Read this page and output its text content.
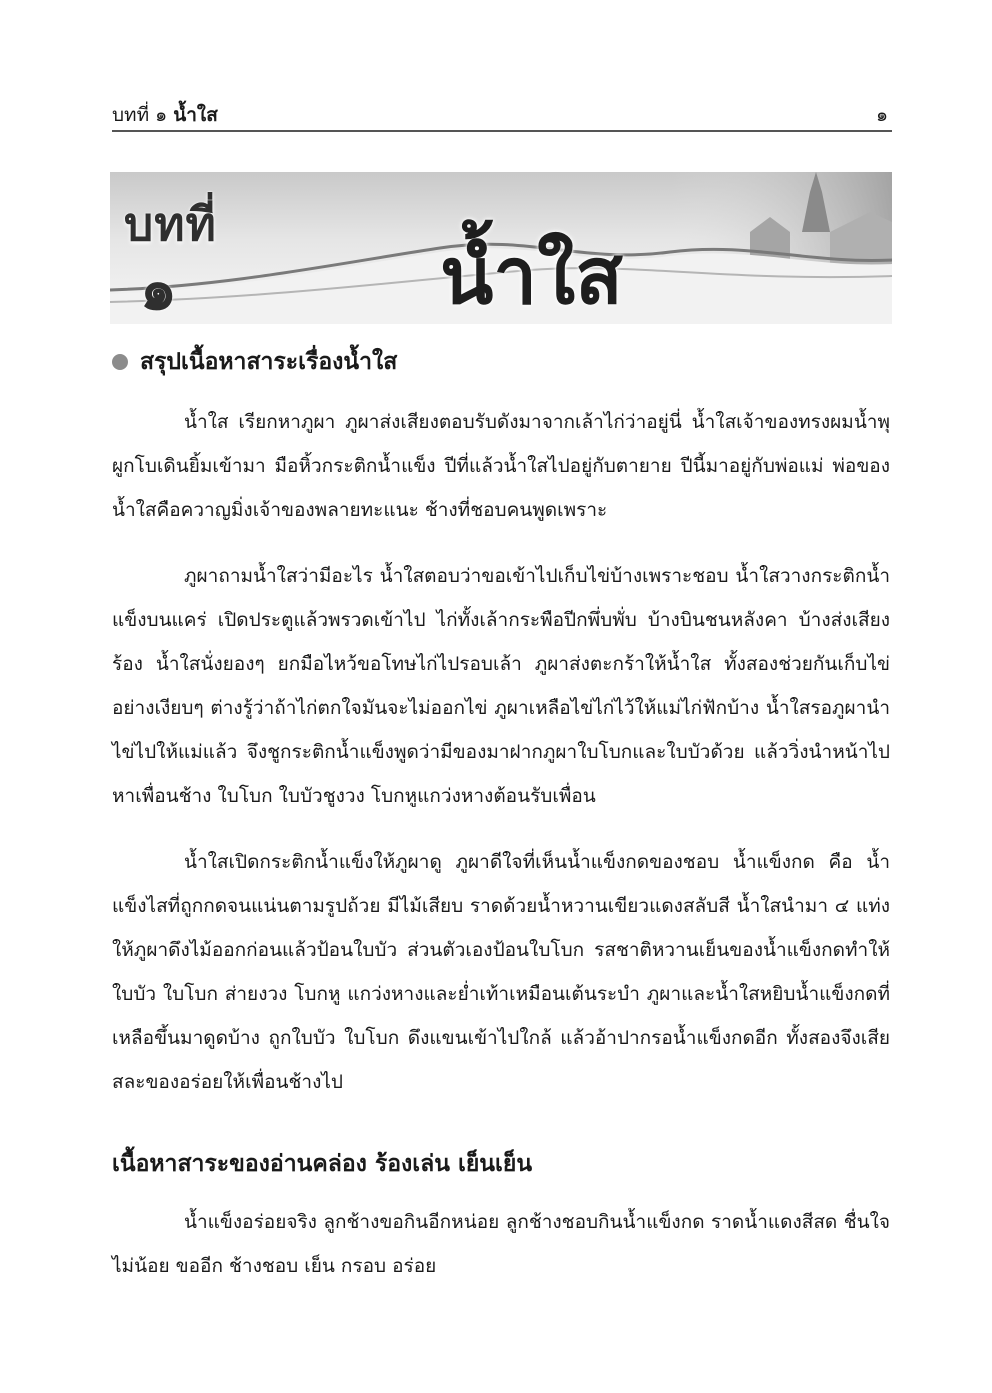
บทที่ ๑ น้ำใส	๑
บทที่
๑	น้ำใส
สรุปเนื้อหาสาระเรื่องน้ำใส

น้ำใส เรียกหาภูผา ภูผาส่งเสียงตอบรับดังมาจากเล้าไก่ว่าอยู่นี่ น้ำใสเจ้าของทรงผมน้ำพุผูกโบเดินยิ้มเข้ามา มือหิ้วกระติกน้ำแข็ง ปีที่แล้วน้ำใสไปอยู่กับตายาย ปีนี้มาอยู่กับพ่อแม่ พ่อของน้ำใสคือควาญมิ่งเจ้าของพลายทะแนะ ช้างที่ชอบคนพูดเพราะ

ภูผาถามน้ำใสว่ามีอะไร น้ำใสตอบว่าขอเข้าไปเก็บไข่บ้างเพราะชอบ น้ำใสวางกระติกน้ำแข็งบนแคร่ เปิดประตูแล้วพรวดเข้าไป ไก่ทั้งเล้ากระพือปีกพึ่บพั่บ บ้างบินชนหลังคา บ้างส่งเสียงร้อง น้ำใสนั่งยองๆ ยกมือไหว้ขอโทษไก่ไปรอบเล้า ภูผาส่งตะกร้าให้น้ำใส ทั้งสองช่วยกันเก็บไข่อย่างเงียบๆ ต่างรู้ว่าถ้าไก่ตกใจมันจะไม่ออกไข่ ภูผาเหลือไข่ไก่ไว้ให้แม่ไก่ฟักบ้าง น้ำใสรอภูผานำไข่ไปให้แม่แล้ว จึงชูกระติกน้ำแข็งพูดว่ามีของมาฝากภูผาใบโบกและใบบัวด้วย แล้ววิ่งนำหน้าไปหาเพื่อนช้าง ใบโบก ใบบัวชูงวง โบกหูแกว่งหางต้อนรับเพื่อน

น้ำใสเปิดกระติกน้ำแข็งให้ภูผาดู ภูผาดีใจที่เห็นน้ำแข็งกดของชอบ น้ำแข็งกด คือ น้ำแข็งไสที่ถูกกดจนแน่นตามรูปถ้วย มีไม้เสียบ ราดด้วยน้ำหวานเขียวแดงสลับสี น้ำใสนำมา ๔ แท่ง ให้ภูผาดึงไม้ออกก่อนแล้วป้อนใบบัว ส่วนตัวเองป้อนใบโบก รสชาติหวานเย็นของน้ำแข็งกดทำให้ใบบัว ใบโบก ส่ายงวง โบกหู แกว่งหางและย่ำเท้าเหมือนเต้นระบำ ภูผาและน้ำใสหยิบน้ำแข็งกดที่เหลือขึ้นมาดูดบ้าง ถูกใบบัว ใบโบก ดึงแขนเข้าไปใกล้ แล้วอ้าปากรอน้ำแข็งกดอีก ทั้งสองจึงเสียสละของอร่อยให้เพื่อนช้างไป

เนื้อหาสาระของอ่านคล่อง ร้องเล่น เย็นเย็น

น้ำแข็งอร่อยจริง ลูกช้างขอกินอีกหน่อย ลูกช้างชอบกินน้ำแข็งกด ราดน้ำแดงสีสด ชื่นใจไม่น้อย ขออีก ช้างชอบ เย็น กรอบ อร่อย
